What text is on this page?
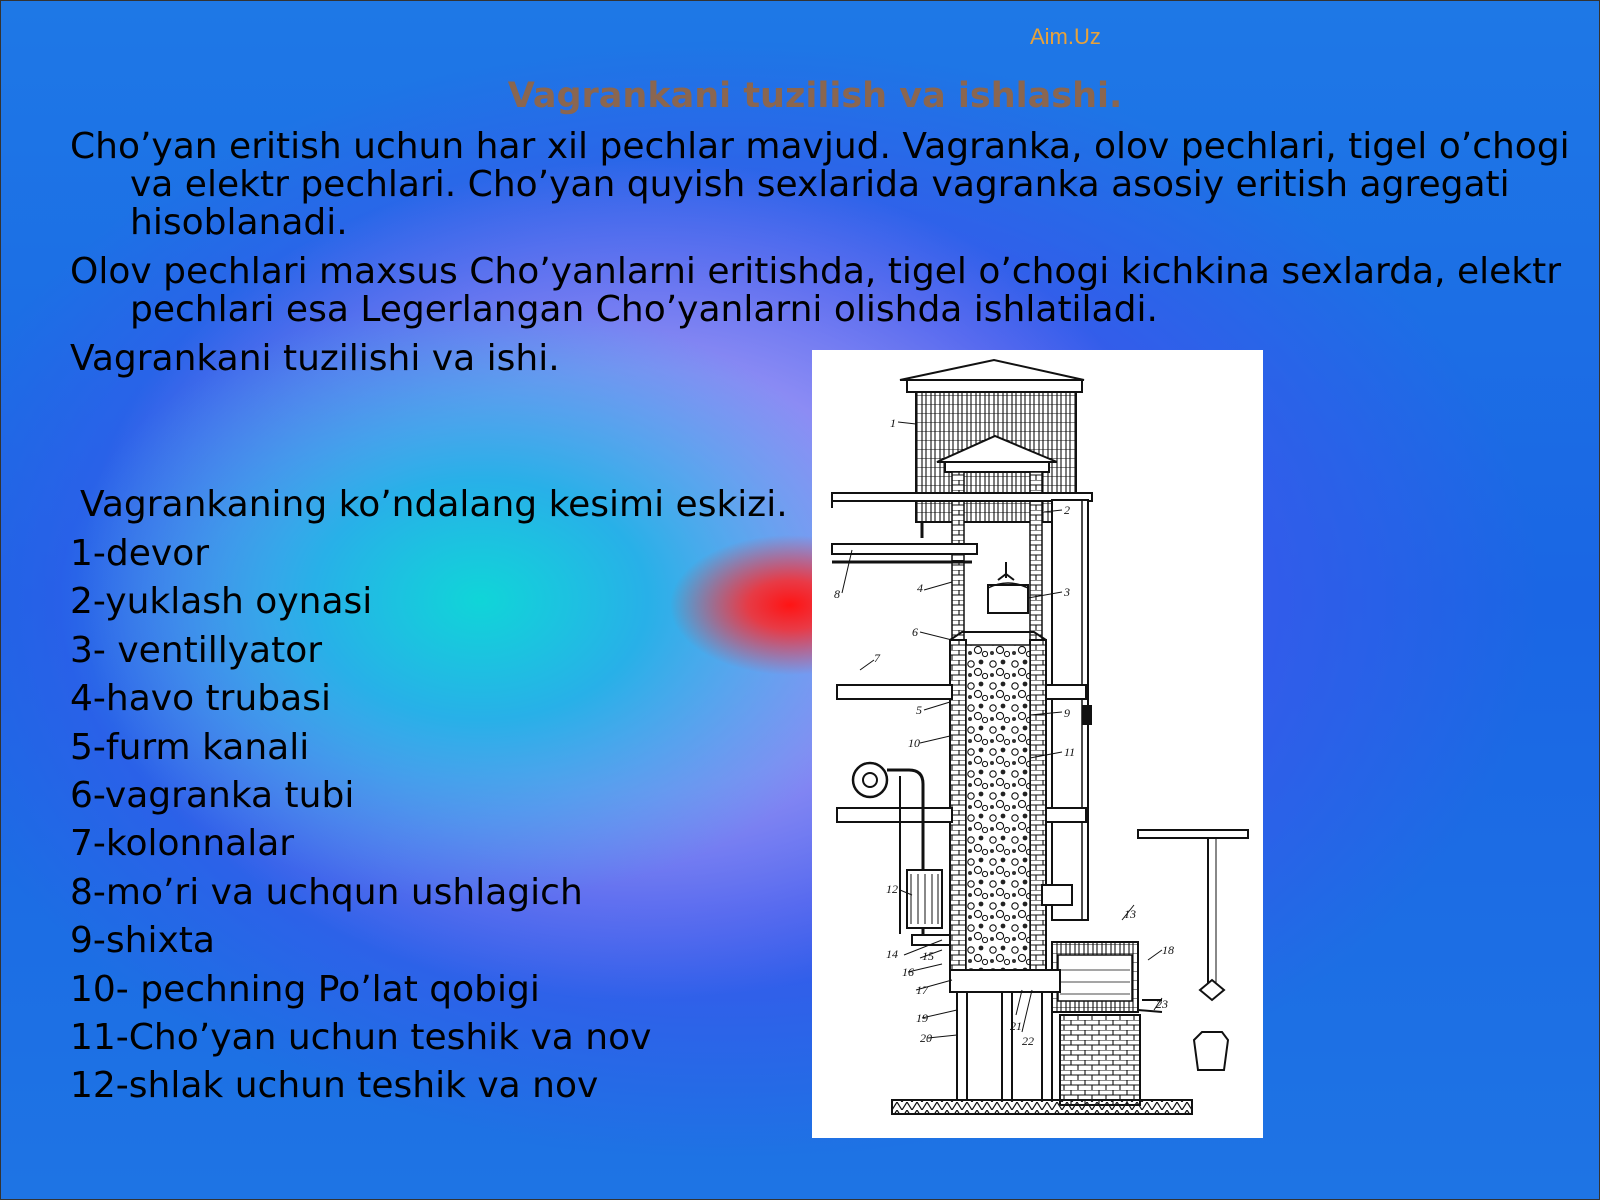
Aim.Uz
Vagrankani tuzilish va ishlashi.
Cho’yan eritish uchun har xil pechlar mavjud. Vagranka, olov pechlari, tigel o’chogi va elektr pechlari. Cho’yan quyish sexlarida vagranka asosiy eritish agregati hisoblanadi.
Olov pechlari maxsus Cho’yanlarni eritishda, tigel o’chogi kichkina sexlarda, elektr pechlari esa Legerlangan Cho’yanlarni olishda ishlatiladi.
Vagrankani tuzilishi va ishi.
Vagrankaning ko’ndalang kesimi eskizi.
1-devor
2-yuklash oynasi
3- ventillyator
4-havo trubasi
5-furm kanali
6-vagranka tubi
7-kolonnalar
8-mo’ri va uchqun ushlagich
9-shixta
10- pechning Po’lat qobigi
11-Cho’yan uchun teshik va nov
12-shlak uchun teshik va nov
1
2
3
4
6
7
8
5	9
10
11
12
13
14 15
16
17
18
19
20
21
22
23
